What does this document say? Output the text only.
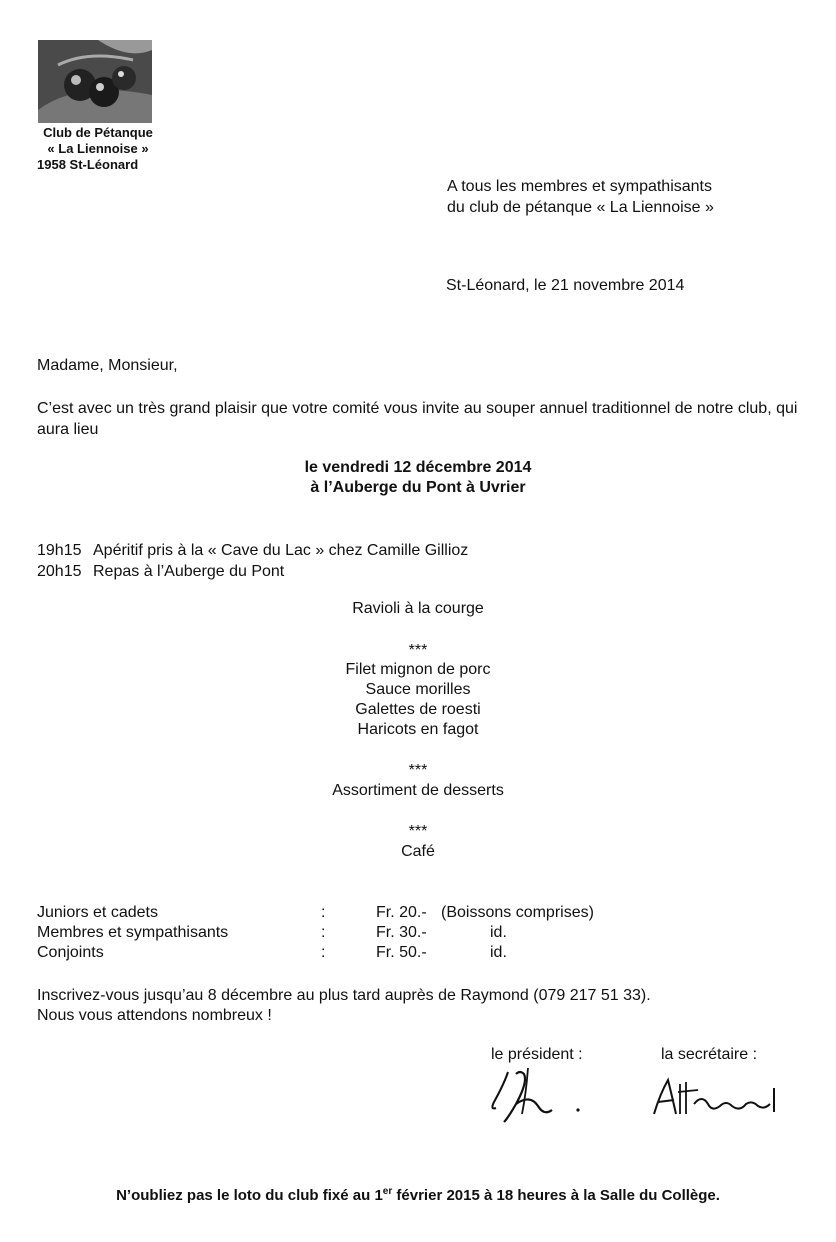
Club de Pétanque
« La Liennoise »
1958 St-Léonard
A tous les membres et sympathisants
du club de pétanque « La Liennoise »
St-Léonard, le 21 novembre 2014
Madame, Monsieur,
C’est avec un très grand plaisir que votre comité vous invite au souper annuel traditionnel de notre club, qui aura lieu
le vendredi 12 décembre 2014
à l’Auberge du Pont à Uvrier
19h15 Apéritif pris à la « Cave du Lac » chez Camille Gillioz
20h15 Repas à l’Auberge du Pont
Ravioli à la courge
***
Filet mignon de porc
Sauce morilles
Galettes de roesti
Haricots en fagot
***
Assortiment de desserts
***
Café
Juniors et cadets	:	Fr. 20.- (Boissons comprises)
Membres et sympathisants	:	Fr. 30.-	id.
Conjoints	:	Fr. 50.-	id.
Inscrivez-vous jusqu’au 8 décembre au plus tard auprès de Raymond (079 217 51 33).
Nous vous attendons nombreux !
le président :	la secrétaire :
N’oubliez pas le loto du club fixé au 1er février 2015 à 18 heures à la Salle du Collège.
